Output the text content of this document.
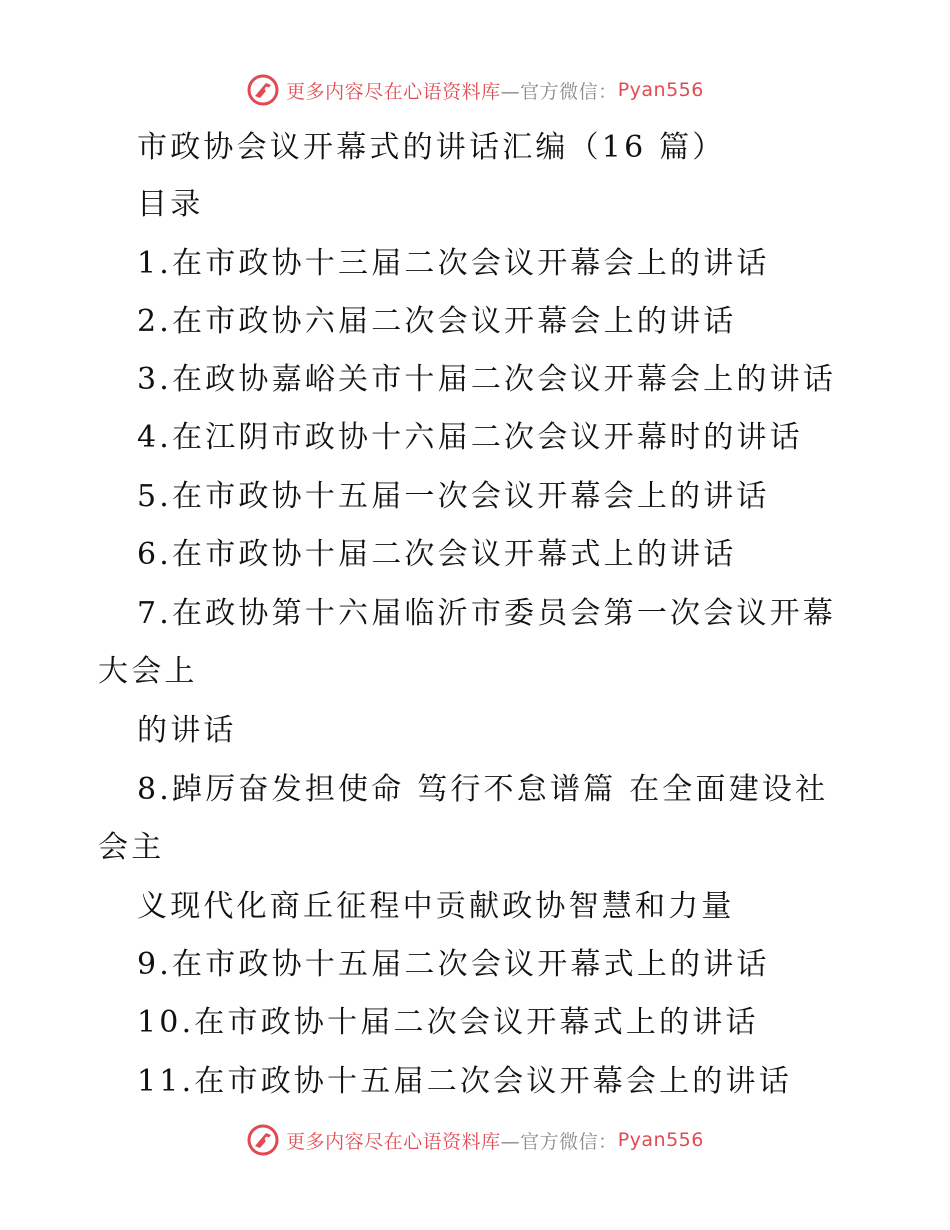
更多内容尽在心语资料库 —官方微信： Pyan556
市政协会议开幕式的讲话汇编（16 篇）
目录
1.在市政协十三届二次会议开幕会上的讲话
2.在市政协六届二次会议开幕会上的讲话
3.在政协嘉峪关市十届二次会议开幕会上的讲话
4.在江阴市政协十六届二次会议开幕时的讲话
5.在市政协十五届一次会议开幕会上的讲话
6.在市政协十届二次会议开幕式上的讲话
7.在政协第十六届临沂市委员会第一次会议开幕
大会上
的讲话
8.踔厉奋发担使命 笃行不怠谱篇 在全面建设社
会主
义现代化商丘征程中贡献政协智慧和力量
9.在市政协十五届二次会议开幕式上的讲话
10.在市政协十届二次会议开幕式上的讲话
11.在市政协十五届二次会议开幕会上的讲话
更多内容尽在心语资料库 —官方微信： Pyan556
